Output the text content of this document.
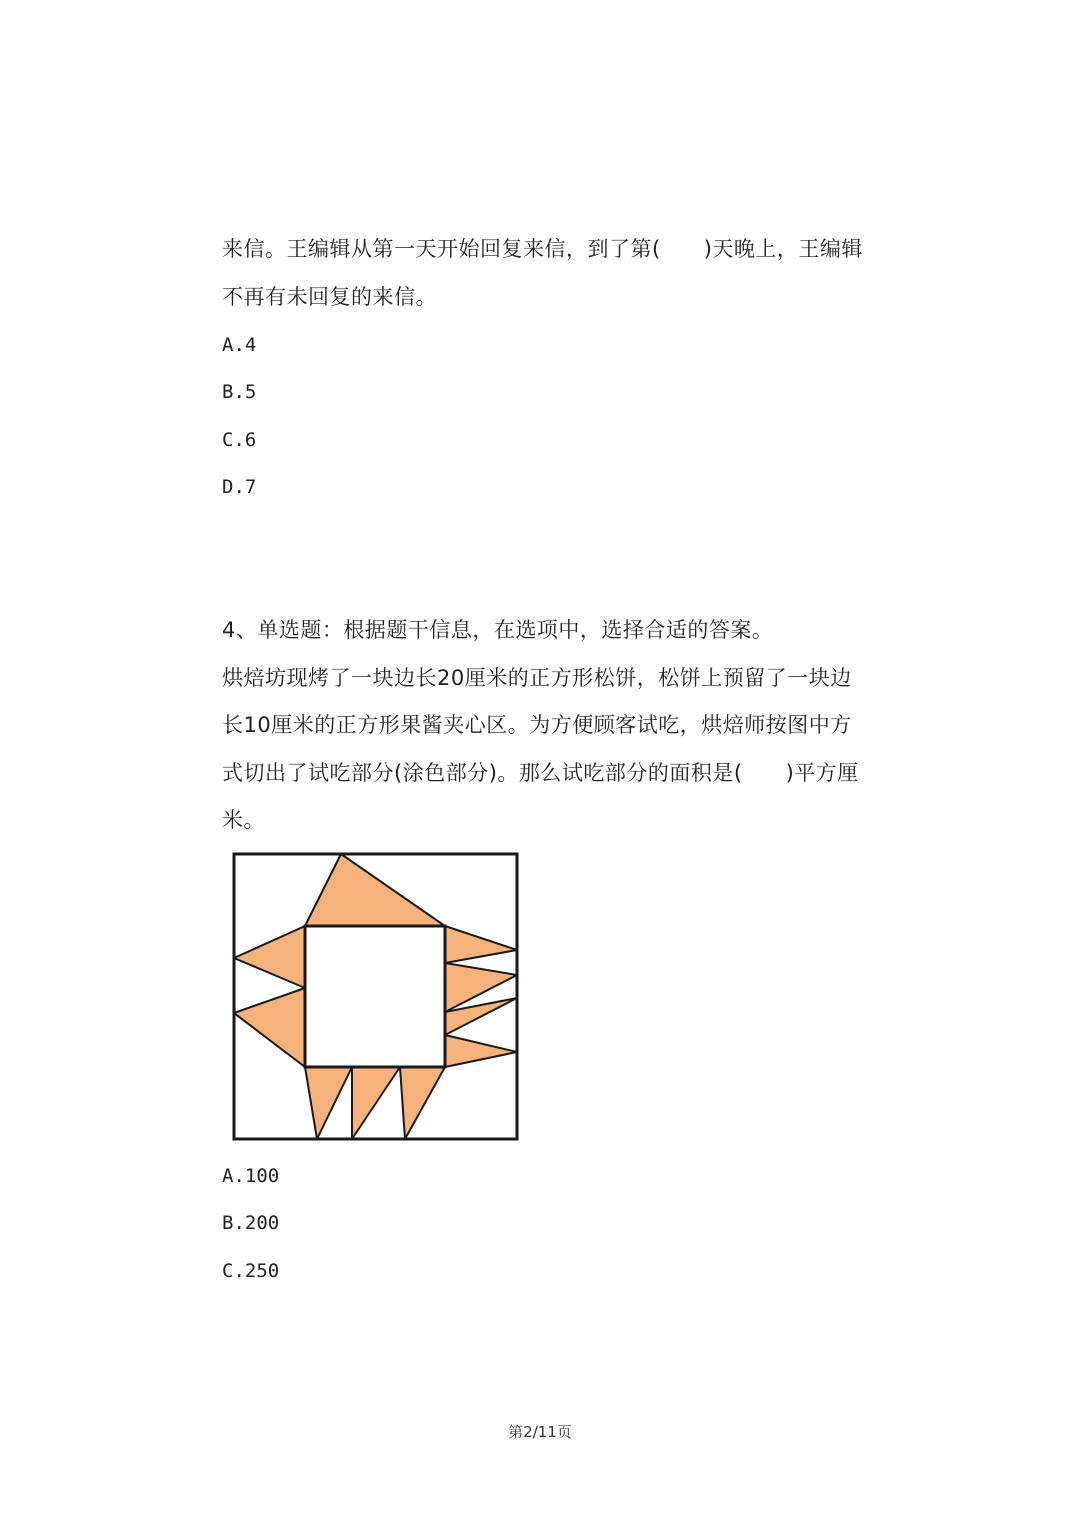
来信。王编辑从第一天开始回复来信，到了第(　　)天晚上，王编辑
不再有未回复的来信。
A.4
B.5
C.6
D.7
4、单选题：根据题干信息，在选项中，选择合适的答案。
烘焙坊现烤了一块边长20厘米的正方形松饼，松饼上预留了一块边
长10厘米的正方形果酱夹心区。为方便顾客试吃，烘焙师按图中方
式切出了试吃部分(涂色部分)。那么试吃部分的面积是(　　)平方厘
米。
A.100
B.200
C.250
第2/11页
